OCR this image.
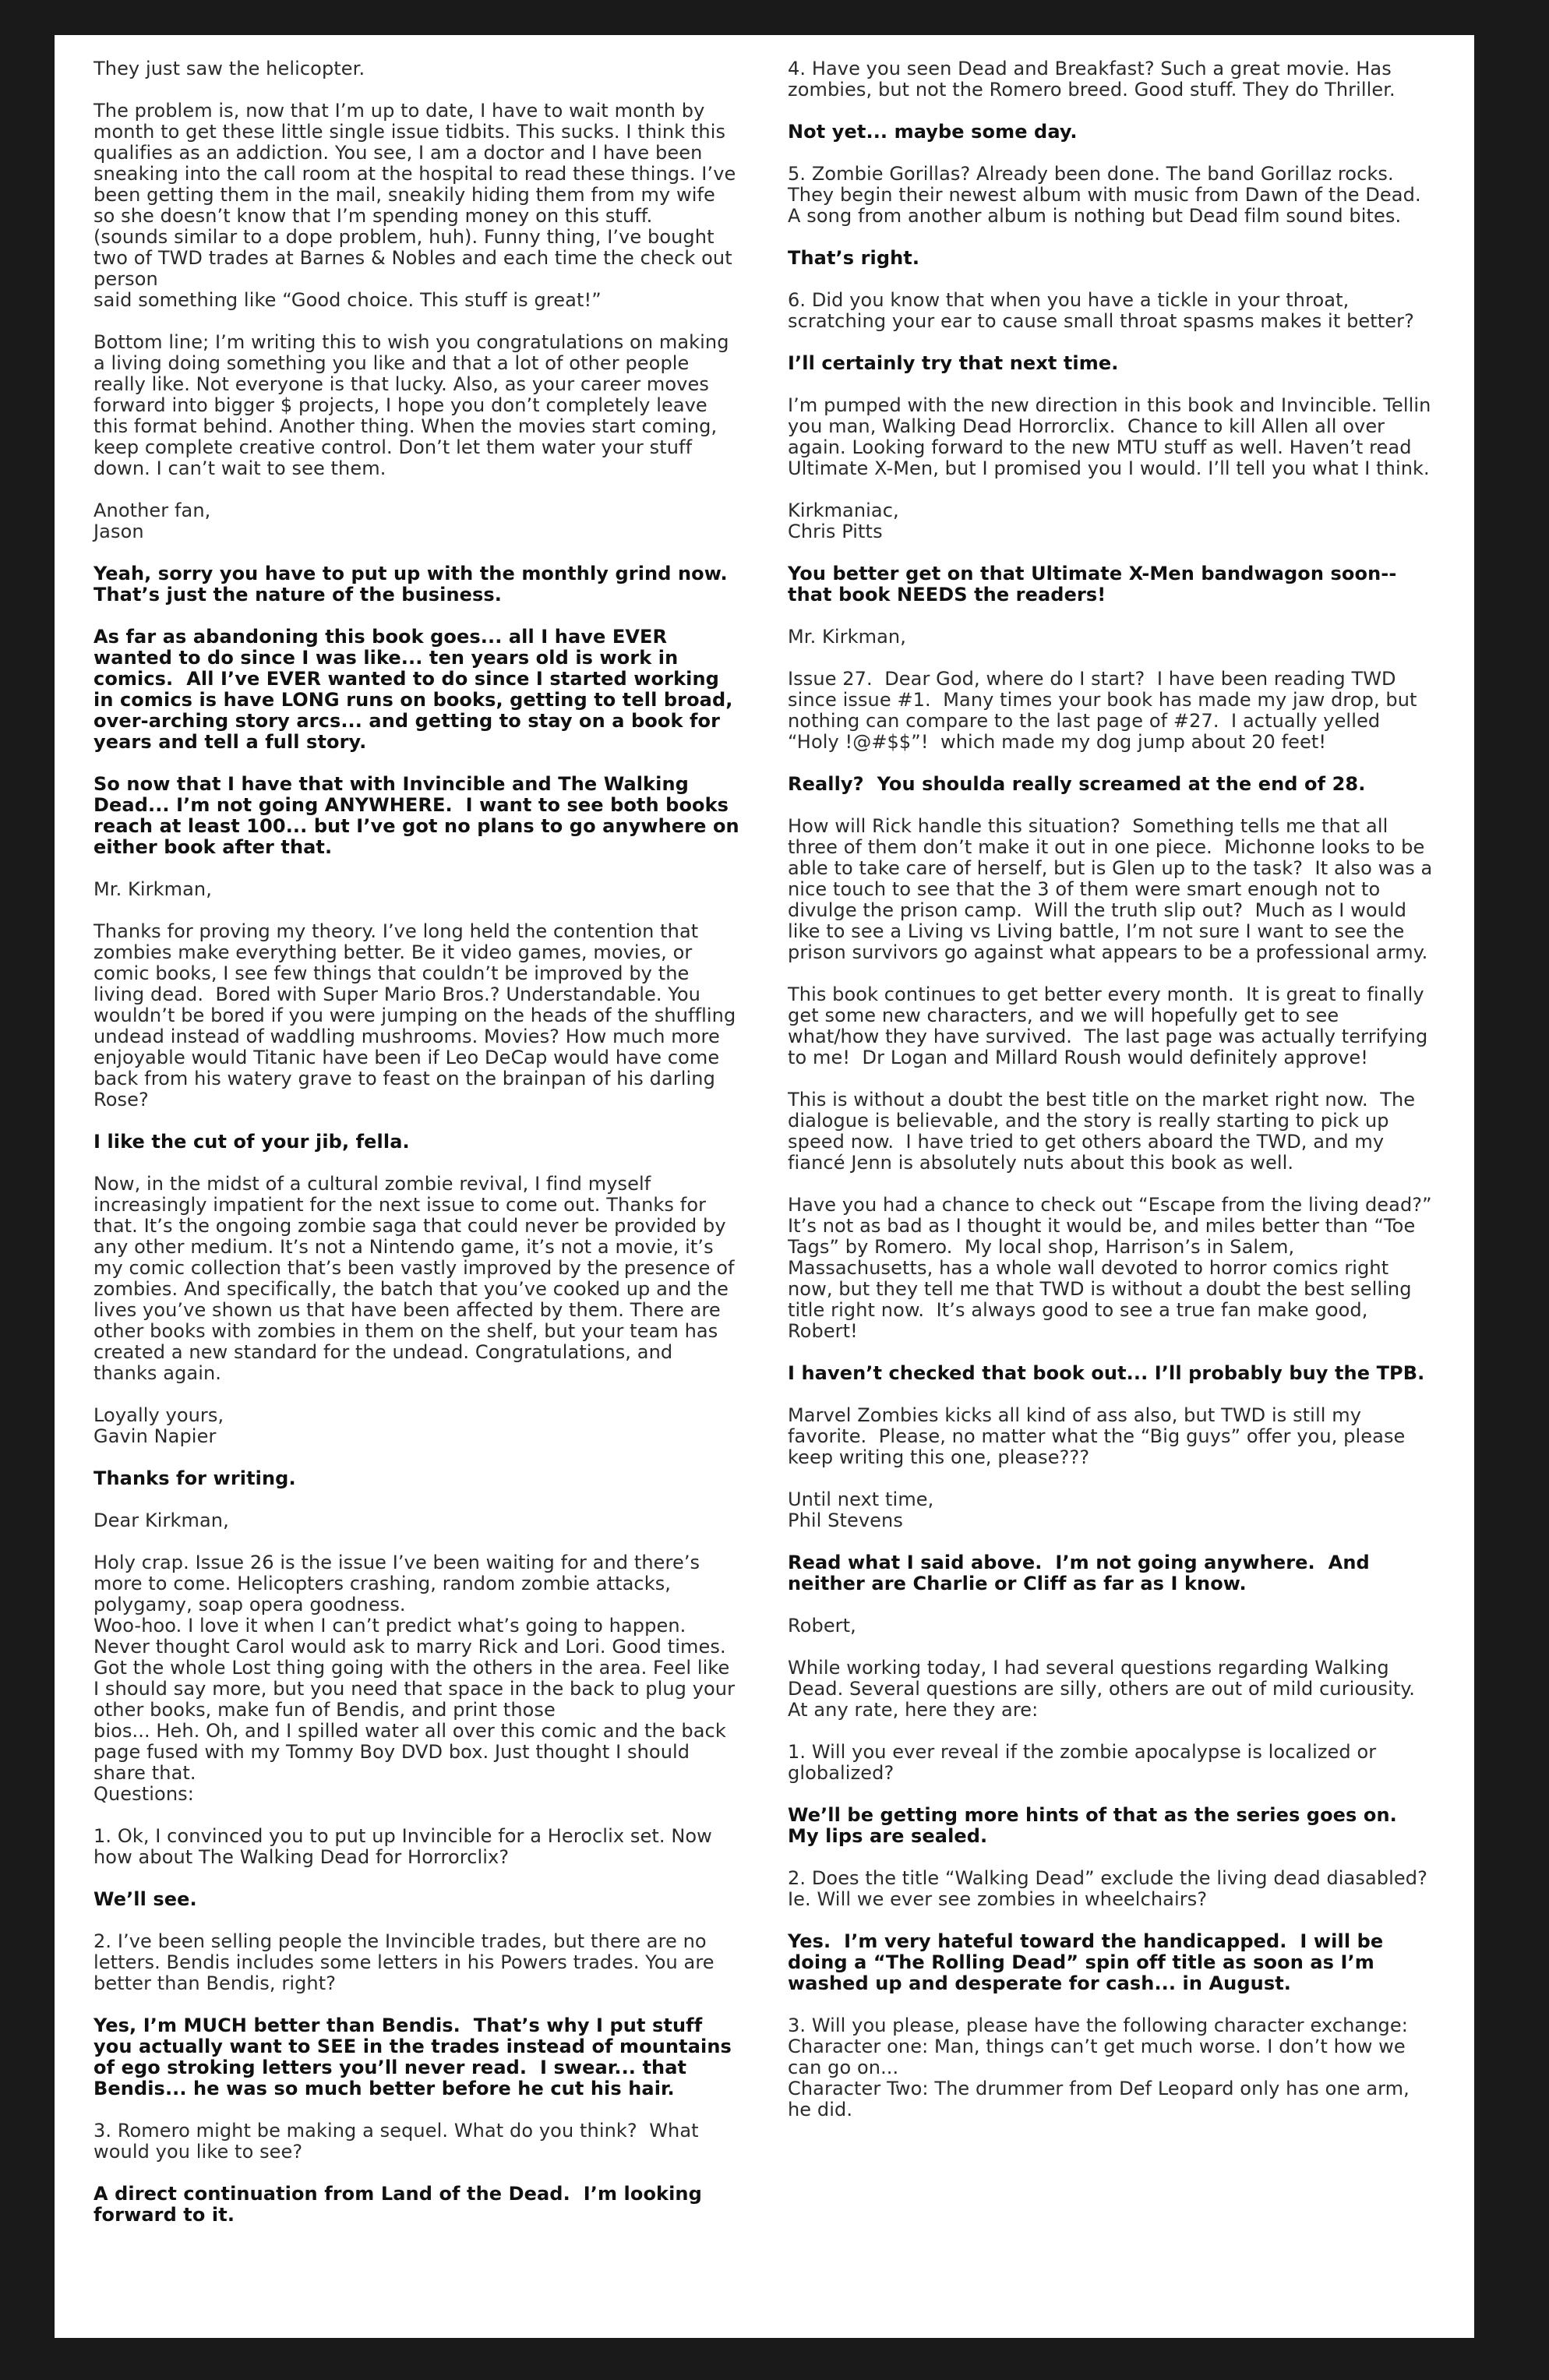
They just saw the helicopter.

The problem is, now that I’m up to date, I have to wait month by month to get these little single issue tidbits. This sucks. I think this qualifies as an addiction. You see, I am a doctor and I have been sneaking into the call room at the hospital to read these things. I’ve been getting them in the mail, sneakily hiding them from my wife so she doesn’t know that I’m spending money on this stuff.
(sounds similar to a dope problem, huh). Funny thing, I’ve bought two of TWD trades at Barnes & Nobles and each time the check out person
said something like “Good choice. This stuff is great!”

Bottom line; I’m writing this to wish you congratulations on making a living doing something you like and that a lot of other people really like. Not everyone is that lucky. Also, as your career moves forward into bigger $ projects, I hope you don’t completely leave this format behind. Another thing. When the movies start coming, keep complete creative control. Don’t let them water your stuff down. I can’t wait to see them.

Another fan,
Jason

Yeah, sorry you have to put up with the monthly grind now.  That’s just the nature of the business.

As far as abandoning this book goes... all I have EVER wanted to do since I was like... ten years old is work in comics.  All I’ve EVER wanted to do since I started working in comics is have LONG runs on books, getting to tell broad, over-arching story arcs... and getting to stay on a book for years and tell a full story.

So now that I have that with Invincible and The Walking Dead... I’m not going ANYWHERE.  I want to see both books reach at least 100... but I’ve got no plans to go anywhere on either book after that.

Mr. Kirkman,

Thanks for proving my theory. I’ve long held the contention that zombies make everything better. Be it video games, movies, or comic books, I see few things that couldn’t be improved by the living dead.  Bored with Super Mario Bros.? Understandable. You wouldn’t be bored if you were jumping on the heads of the shuffling undead instead of waddling mushrooms. Movies? How much more enjoyable would Titanic have been if Leo DeCap would have come back from his watery grave to feast on the brainpan of his darling Rose?

I like the cut of your jib, fella.

Now, in the midst of a cultural zombie revival, I find myself increasingly impatient for the next issue to come out. Thanks for that. It’s the ongoing zombie saga that could never be provided by any other medium. It’s not a Nintendo game, it’s not a movie, it’s my comic collection that’s been vastly improved by the presence of zombies. And specifically, the batch that you’ve cooked up and the lives you’ve shown us that have been affected by them. There are other books with zombies in them on the shelf, but your team has created a new standard for the undead. Congratulations, and thanks again.

Loyally yours,
Gavin Napier

Thanks for writing.

Dear Kirkman,

Holy crap. Issue 26 is the issue I’ve been waiting for and there’s more to come. Helicopters crashing, random zombie attacks, polygamy, soap opera goodness.
Woo-hoo. I love it when I can’t predict what’s going to happen. Never thought Carol would ask to marry Rick and Lori. Good times. Got the whole Lost thing going with the others in the area. Feel like I should say more, but you need that space in the back to plug your other books, make fun of Bendis, and print those
bios... Heh. Oh, and I spilled water all over this comic and the back page fused with my Tommy Boy DVD box. Just thought I should share that.
Questions:

1. Ok, I convinced you to put up Invincible for a Heroclix set. Now how about The Walking Dead for Horrorclix?

We’ll see.

2. I’ve been selling people the Invincible trades, but there are no letters. Bendis includes some letters in his Powers trades. You are better than Bendis, right?

Yes, I’m MUCH better than Bendis.  That’s why I put stuff you actually want to SEE in the trades instead of mountains of ego stroking letters you’ll never read.  I swear... that Bendis... he was so much better before he cut his hair.

3. Romero might be making a sequel. What do you think?  What would you like to see?

A direct continuation from Land of the Dead.  I’m looking forward to it.

4. Have you seen Dead and Breakfast? Such a great movie. Has zombies, but not the Romero breed. Good stuff. They do Thriller.

Not yet... maybe some day.

5. Zombie Gorillas? Already been done. The band Gorillaz rocks. They begin their newest album with music from Dawn of the Dead. A song from another album is nothing but Dead film sound bites.

That’s right.

6. Did you know that when you have a tickle in your throat, scratching your ear to cause small throat spasms makes it better?

I’ll certainly try that next time.

I’m pumped with the new direction in this book and Invincible. Tellin you man, Walking Dead Horrorclix.  Chance to kill Allen all over again. Looking forward to the new MTU stuff as well. Haven’t read Ultimate X-Men, but I promised you I would. I’ll tell you what I think.

Kirkmaniac,
Chris Pitts

You better get on that Ultimate X-Men bandwagon soon--that book NEEDS the readers!

Mr. Kirkman,

Issue 27.  Dear God, where do I start?  I have been reading TWD since issue #1.  Many times your book has made my jaw drop, but nothing can compare to the last page of #27.  I actually yelled “Holy !@#$$”!  which made my dog jump about 20 feet!

Really?  You shoulda really screamed at the end of 28.

How will Rick handle this situation?  Something tells me that all three of them don’t make it out in one piece.  Michonne looks to be able to take care of herself, but is Glen up to the task?  It also was a nice touch to see that the 3 of them were smart enough not to divulge the prison camp.  Will the truth slip out?  Much as I would like to see a Living vs Living battle, I’m not sure I want to see the prison survivors go against what appears to be a professional army.

This book continues to get better every month.  It is great to finally get some new characters, and we will hopefully get to see what/how they have survived.  The last page was actually terrifying to me!  Dr Logan and Millard Roush would definitely approve!

This is without a doubt the best title on the market right now.  The dialogue is believable, and the story is really starting to pick up speed now.  I have tried to get others aboard the TWD, and my fiancé Jenn is absolutely nuts about this book as well.

Have you had a chance to check out “Escape from the living dead?”  It’s not as bad as I thought it would be, and miles better than “Toe Tags” by Romero.  My local shop, Harrison’s in Salem, Massachusetts, has a whole wall devoted to horror comics right now, but they tell me that TWD is without a doubt the best selling title right now.  It’s always good to see a true fan make good, Robert!

I haven’t checked that book out... I’ll probably buy the TPB.

Marvel Zombies kicks all kind of ass also, but TWD is still my favorite.  Please, no matter what the “Big guys” offer you, please keep writing this one, please???

Until next time,
Phil Stevens

Read what I said above.  I’m not going anywhere.  And neither are Charlie or Cliff as far as I know.

Robert,

While working today, I had several questions regarding Walking Dead. Several questions are silly, others are out of mild curiousity. At any rate, here they are:

1. Will you ever reveal if the zombie apocalypse is localized or globalized?

We’ll be getting more hints of that as the series goes on.  My lips are sealed.

2. Does the title “Walking Dead” exclude the living dead diasabled? Ie. Will we ever see zombies in wheelchairs?

Yes.  I’m very hateful toward the handicapped.  I will be doing a “The Rolling Dead” spin off title as soon as I’m washed up and desperate for cash... in August.

3. Will you please, please have the following character exchange:
Character one: Man, things can’t get much worse. I don’t how we can go on...
Character Two: The drummer from Def Leopard only has one arm, he did.
